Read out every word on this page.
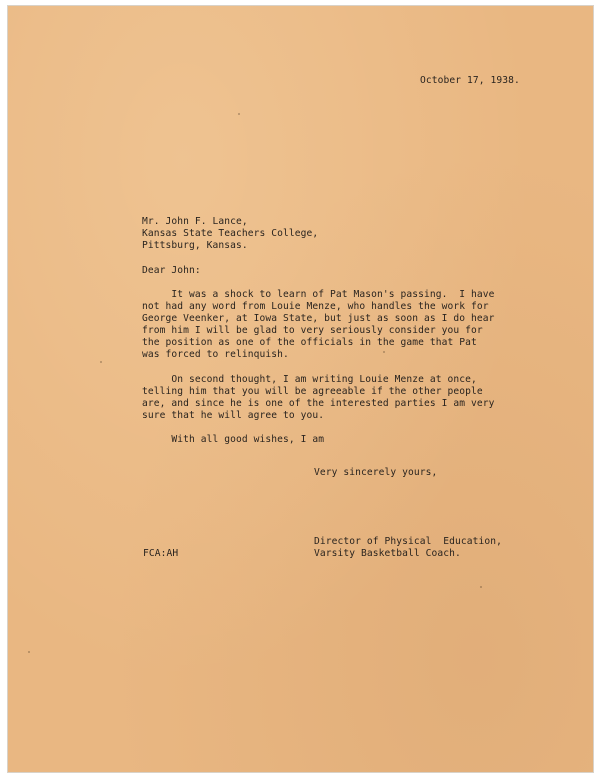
October 17, 1938.
Mr. John F. Lance,
Kansas State Teachers College,
Pittsburg, Kansas.
Dear John:
It was a shock to learn of Pat Mason's passing.  I have
not had any word from Louie Menze, who handles the work for
George Veenker, at Iowa State, but just as soon as I do hear
from him I will be glad to very seriously consider you for
the position as one of the officials in the game that Pat
was forced to relinquish.
On second thought, I am writing Louie Menze at once,
telling him that you will be agreeable if the other people
are, and since he is one of the interested parties I am very
sure that he will agree to you.
With all good wishes, I am
Very sincerely yours,
Director of Physical  Education,
Varsity Basketball Coach.
FCA:AH
